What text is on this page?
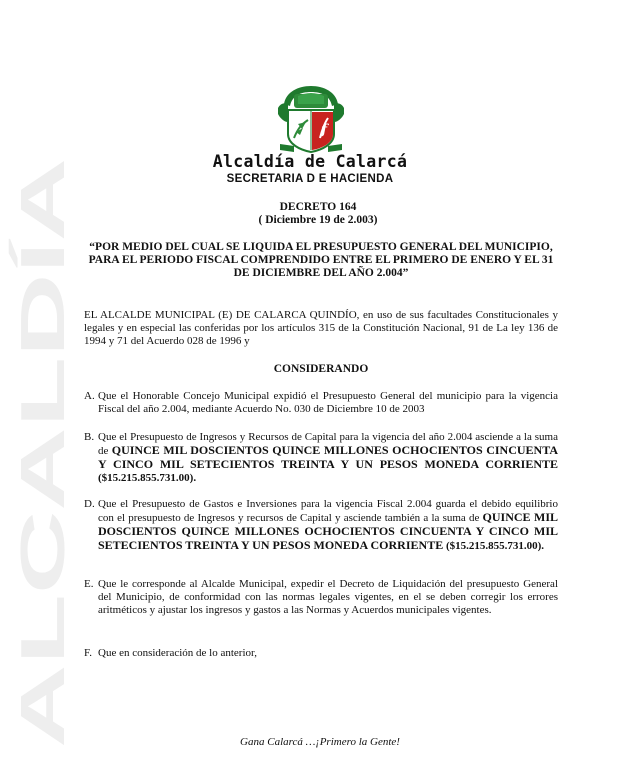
ALCALDÍA
f
Alcaldía de Calarcá
SECRETARIA D E HACIENDA
DECRETO 164
( Diciembre 19 de 2.003)
“POR MEDIO DEL CUAL SE LIQUIDA EL PRESUPUESTO GENERAL DEL MUNICIPIO, PARA EL PERIODO FISCAL COMPRENDIDO ENTRE EL PRIMERO DE ENERO Y EL 31 DE DICIEMBRE DEL AÑO 2.004”
EL ALCALDE MUNICIPAL (E) DE CALARCA QUINDÍO, en uso de sus facultades Constitucionales y legales y en especial las conferidas por los artículos 315 de la Constitución Nacional, 91 de La ley 136 de 1994 y 71 del Acuerdo 028 de 1996 y
CONSIDERANDO
A. Que el Honorable Concejo Municipal expidió el Presupuesto General del municipio para la vigencia Fiscal del año 2.004, mediante Acuerdo No. 030 de Diciembre 10 de 2003
B. Que el Presupuesto de Ingresos y Recursos de Capital para la vigencia del año 2.004 asciende a la suma de QUINCE MIL DOSCIENTOS QUINCE MILLONES OCHOCIENTOS CINCUENTA Y CINCO MIL SETECIENTOS TREINTA Y UN PESOS MONEDA CORRIENTE ($15.215.855.731.00).
D. Que el Presupuesto de Gastos e Inversiones para la vigencia Fiscal 2.004 guarda el debido equilibrio con el presupuesto de Ingresos y recursos de Capital y asciende también a la suma de QUINCE MIL DOSCIENTOS QUINCE MILLONES OCHOCIENTOS CINCUENTA Y CINCO MIL SETECIENTOS TREINTA Y UN PESOS MONEDA CORRIENTE ($15.215.855.731.00).
E. Que le corresponde al Alcalde Municipal, expedir el Decreto de Liquidación del presupuesto General del Municipio, de conformidad con las normas legales vigentes, en el se deben corregir los errores aritméticos y ajustar los ingresos y gastos a las Normas y Acuerdos municipales vigentes.
F. Que en consideración de lo anterior,
Gana Calarcá …¡Primero la Gente!
